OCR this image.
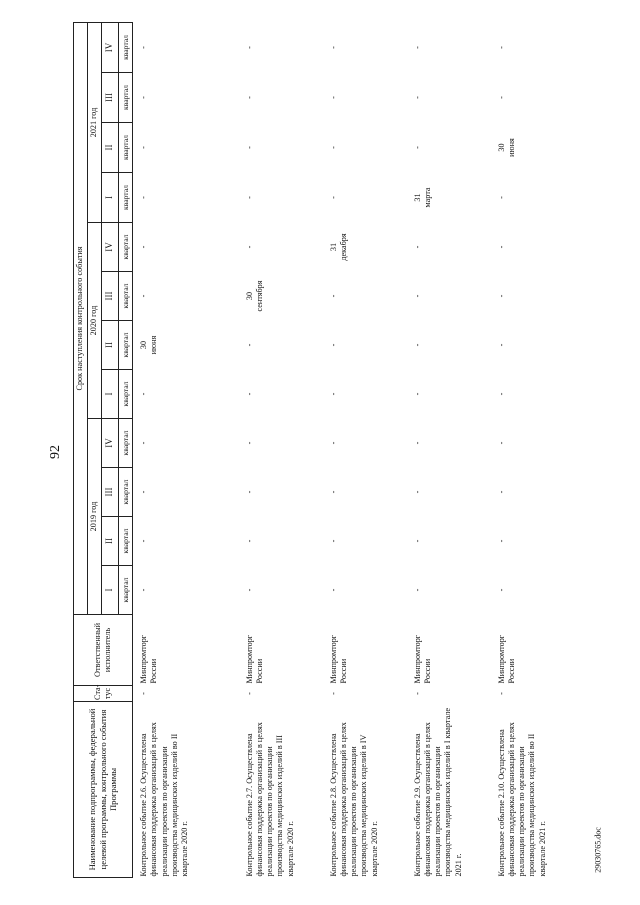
92
29030765.doc
Наименование подпрограммы, федеральной целевой программы, контрольного события Программы	Ста-тус	Ответственный исполнитель	Срок наступления контрольного события											
			2019 год				2020 год				2021 год			
			I	II	III	IV	I	II	III	IV	I	II	III	IV
			квартал	квартал	квартал	квартал	квартал	квартал	квартал	квартал	квартал	квартал	квартал	квартал
Контрольное событие 2.6. Осуществлена финансовая поддержка организаций в целях реализации проектов по организации производства медицинских изделий во II квартале 2020 г.	-	Минпромторг России	-	-	-	-	-	30 июня	-	-	-	-	-	-
Контрольное событие 2.7. Осуществлена финансовая поддержка организаций в целях реализации проектов по организации производства медицинских изделий в III квартале 2020 г.	-	Минпромторг России	-	-	-	-	-	-	30 сентября	-	-	-	-	-
Контрольное событие 2.8. Осуществлена финансовая поддержка организаций в целях реализации проектов по организации производства медицинских изделий в IV квартале 2020 г.	-	Минпромторг России	-	-	-	-	-	-	-	31 декабря	-	-	-	-
Контрольное событие 2.9. Осуществлена финансовая поддержка организаций в целях реализации проектов по организации производства медицинских изделий в I квартале 2021 г.	-	Минпромторг России	-	-	-	-	-	-	-	-	31 марта	-	-	-
Контрольное событие 2.10. Осуществлена финансовая поддержка организаций в целях реализации проектов по организации производства медицинских изделий во II квартале 2021 г.	-	Минпромторг России	-	-	-	-	-	-	-	-	-	30 июня	-	-
